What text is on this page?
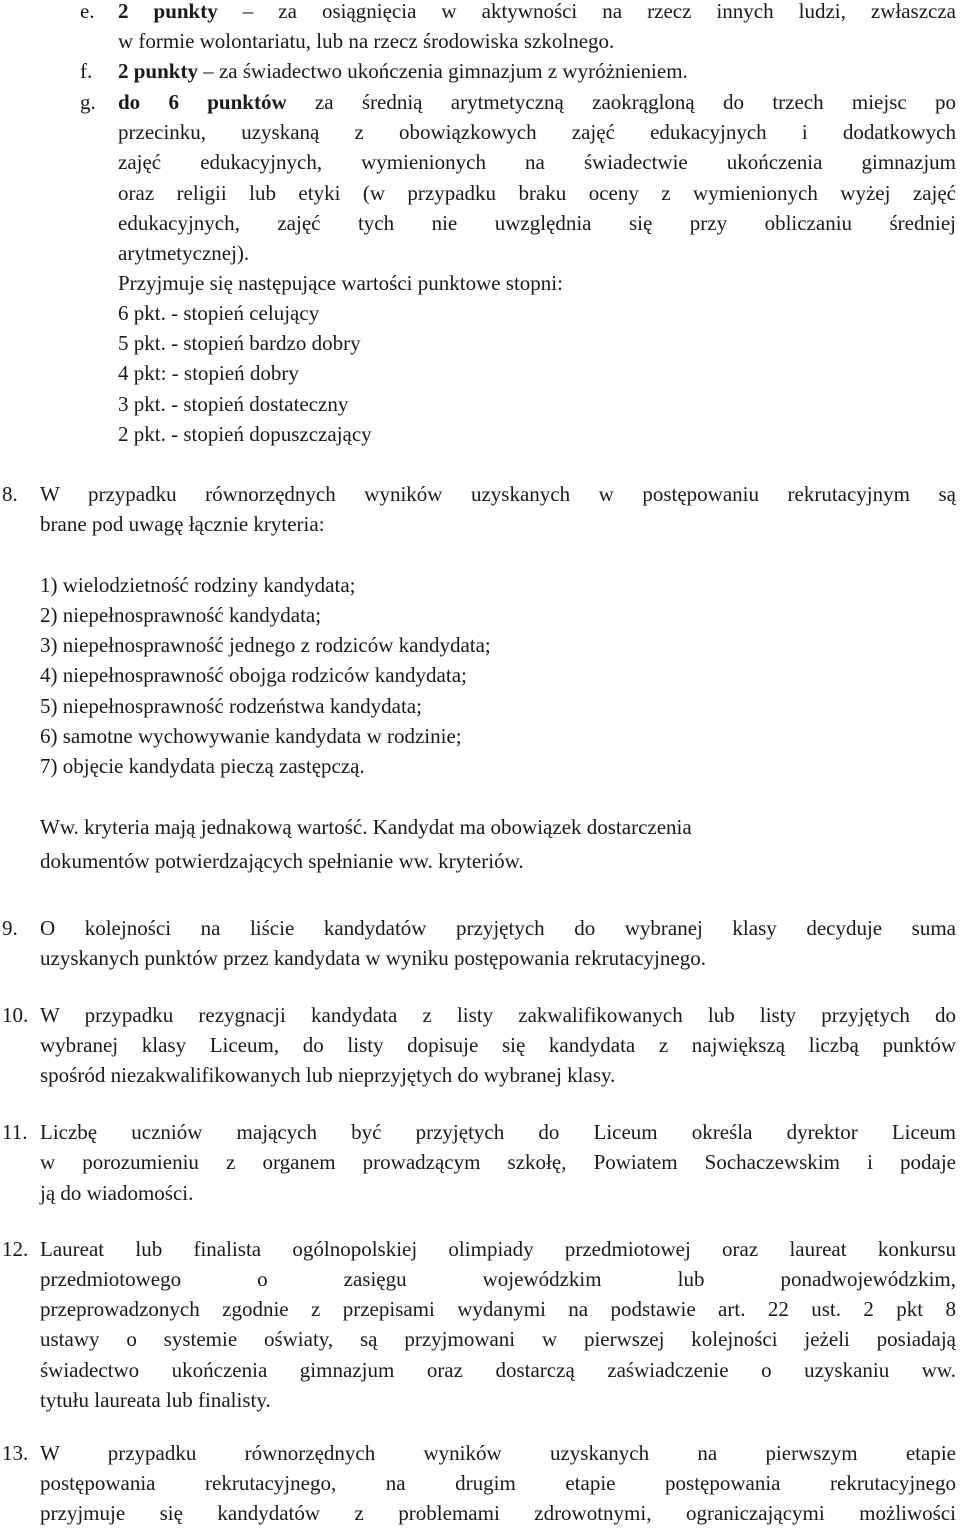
e. 2 punkty – za osiągnięcia w aktywności na rzecz innych ludzi, zwłaszcza
w formie wolontariatu, lub na rzecz środowiska szkolnego.
f. 2 punkty – za świadectwo ukończenia gimnazjum z wyróżnieniem.
g. do 6 punktów za średnią arytmetyczną zaokrągloną do trzech miejsc po
przecinku, uzyskaną z obowiązkowych zajęć edukacyjnych i dodatkowych
zajęć edukacyjnych, wymienionych na świadectwie ukończenia gimnazjum
oraz religii lub etyki (w przypadku braku oceny z wymienionych wyżej zajęć
edukacyjnych, zajęć tych nie uwzględnia się przy obliczaniu średniej
arytmetycznej).
Przyjmuje się następujące wartości punktowe stopni:
6 pkt. - stopień celujący
5 pkt. - stopień bardzo dobry
4 pkt: - stopień dobry
3 pkt. - stopień dostateczny
2 pkt. - stopień dopuszczający
8. W przypadku równorzędnych wyników uzyskanych w postępowaniu rekrutacyjnym są
brane pod uwagę łącznie kryteria:
1) wielodzietność rodziny kandydata;
2) niepełnosprawność kandydata;
3) niepełnosprawność jednego z rodziców kandydata;
4) niepełnosprawność obojga rodziców kandydata;
5) niepełnosprawność rodzeństwa kandydata;
6) samotne wychowywanie kandydata w rodzinie;
7) objęcie kandydata pieczą zastępczą.
Ww. kryteria mają jednakową wartość. Kandydat ma obowiązek dostarczenia
dokumentów potwierdzających spełnianie ww. kryteriów.
9. O kolejności na liście kandydatów przyjętych do wybranej klasy decyduje suma
uzyskanych punktów przez kandydata w wyniku postępowania rekrutacyjnego.
10. W przypadku rezygnacji kandydata z listy zakwalifikowanych lub listy przyjętych do
wybranej klasy Liceum, do listy dopisuje się kandydata z największą liczbą punktów
spośród niezakwalifikowanych lub nieprzyjętych do wybranej klasy.
11. Liczbę uczniów mających być przyjętych do Liceum określa dyrektor Liceum
w porozumieniu z organem prowadzącym szkołę, Powiatem Sochaczewskim i podaje
ją do wiadomości.
12. Laureat lub finalista ogólnopolskiej olimpiady przedmiotowej oraz laureat konkursu
przedmiotowego o zasięgu wojewódzkim lub ponadwojewódzkim,
przeprowadzonych zgodnie z przepisami wydanymi na podstawie art. 22 ust. 2 pkt 8
ustawy o systemie oświaty, są przyjmowani w pierwszej kolejności jeżeli posiadają
świadectwo ukończenia gimnazjum oraz dostarczą zaświadczenie o uzyskaniu ww.
tytułu laureata lub finalisty.
13. W przypadku równorzędnych wyników uzyskanych na pierwszym etapie
postępowania rekrutacyjnego, na drugim etapie postępowania rekrutacyjnego
przyjmuje się kandydatów z problemami zdrowotnymi, ograniczającymi możliwości
